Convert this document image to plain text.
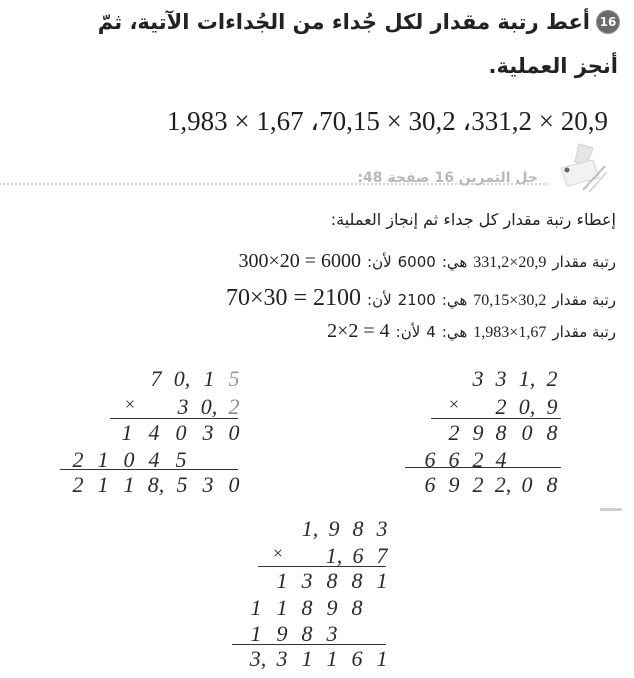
16
أعط رتبة مقدار لكل جُداء من الجُداءات الآتية، ثمّ
أنجز العملية.
1,983 × 1,67 ،70,15 × 30,2 ،331,2 × 20,9
حل التمرين 16 صفحة 48:
إعطاء رتبة مقدار كل جداء ثم إنجاز العملية:
رتبة مقدار
331,2×20,9
هي:
6000
لأن:
300×20 = 6000
رتبة مقدار
70,15×30,2
هي:
2100
لأن:
70×30 = 2100
رتبة مقدار
1,983×1,67
هي:
4
لأن:
2×2 = 4
3 3 1, 2
×	2 0, 9
2 9 8 0 8
6 6 2 4
6 9 2 2, 0 8
7 0, 1 5
×	3 0, 2
1 4 0 3 0
2 1 0 4 5
2 1 1 8, 5 3 0
1, 9 8 3
×	1, 6 7
1 3 8 8 1
1 1 8 9 8
1 9 8 3
3, 3 1 1 6 1
